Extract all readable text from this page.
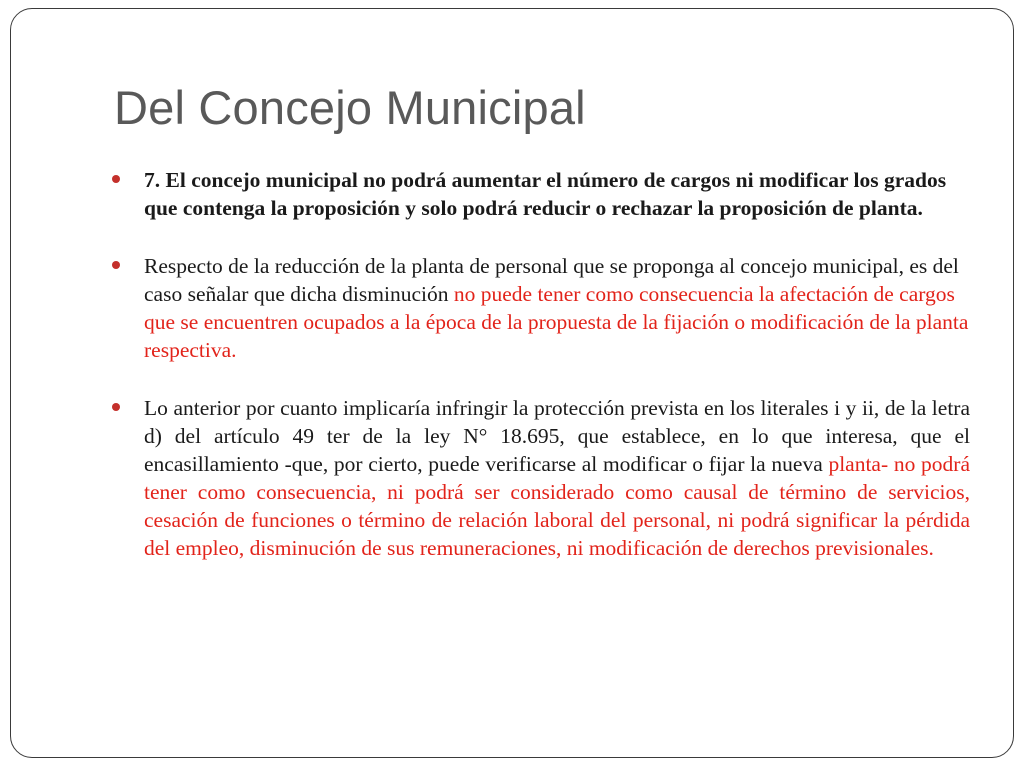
Del Concejo Municipal
7. El concejo municipal no podrá aumentar el número de cargos ni modificar los grados que contenga la proposición y solo podrá reducir o rechazar la proposición de planta.
Respecto de la reducción de la planta de personal que se proponga al concejo municipal, es del caso señalar que dicha disminución no puede tener como consecuencia la afectación de cargos que se encuentren ocupados a la época de la propuesta de la fijación o modificación de la planta respectiva.
Lo anterior por cuanto implicaría infringir la protección prevista en los literales i y ii, de la letra d) del artículo 49 ter de la ley N° 18.695, que establece, en lo que interesa, que el encasillamiento -que, por cierto, puede verificarse al modificar o fijar la nueva planta- no podrá tener como consecuencia, ni podrá ser considerado como causal de término de servicios, cesación de funciones o término de relación laboral del personal, ni podrá significar la pérdida del empleo, disminución de sus remuneraciones, ni modificación de derechos previsionales.
